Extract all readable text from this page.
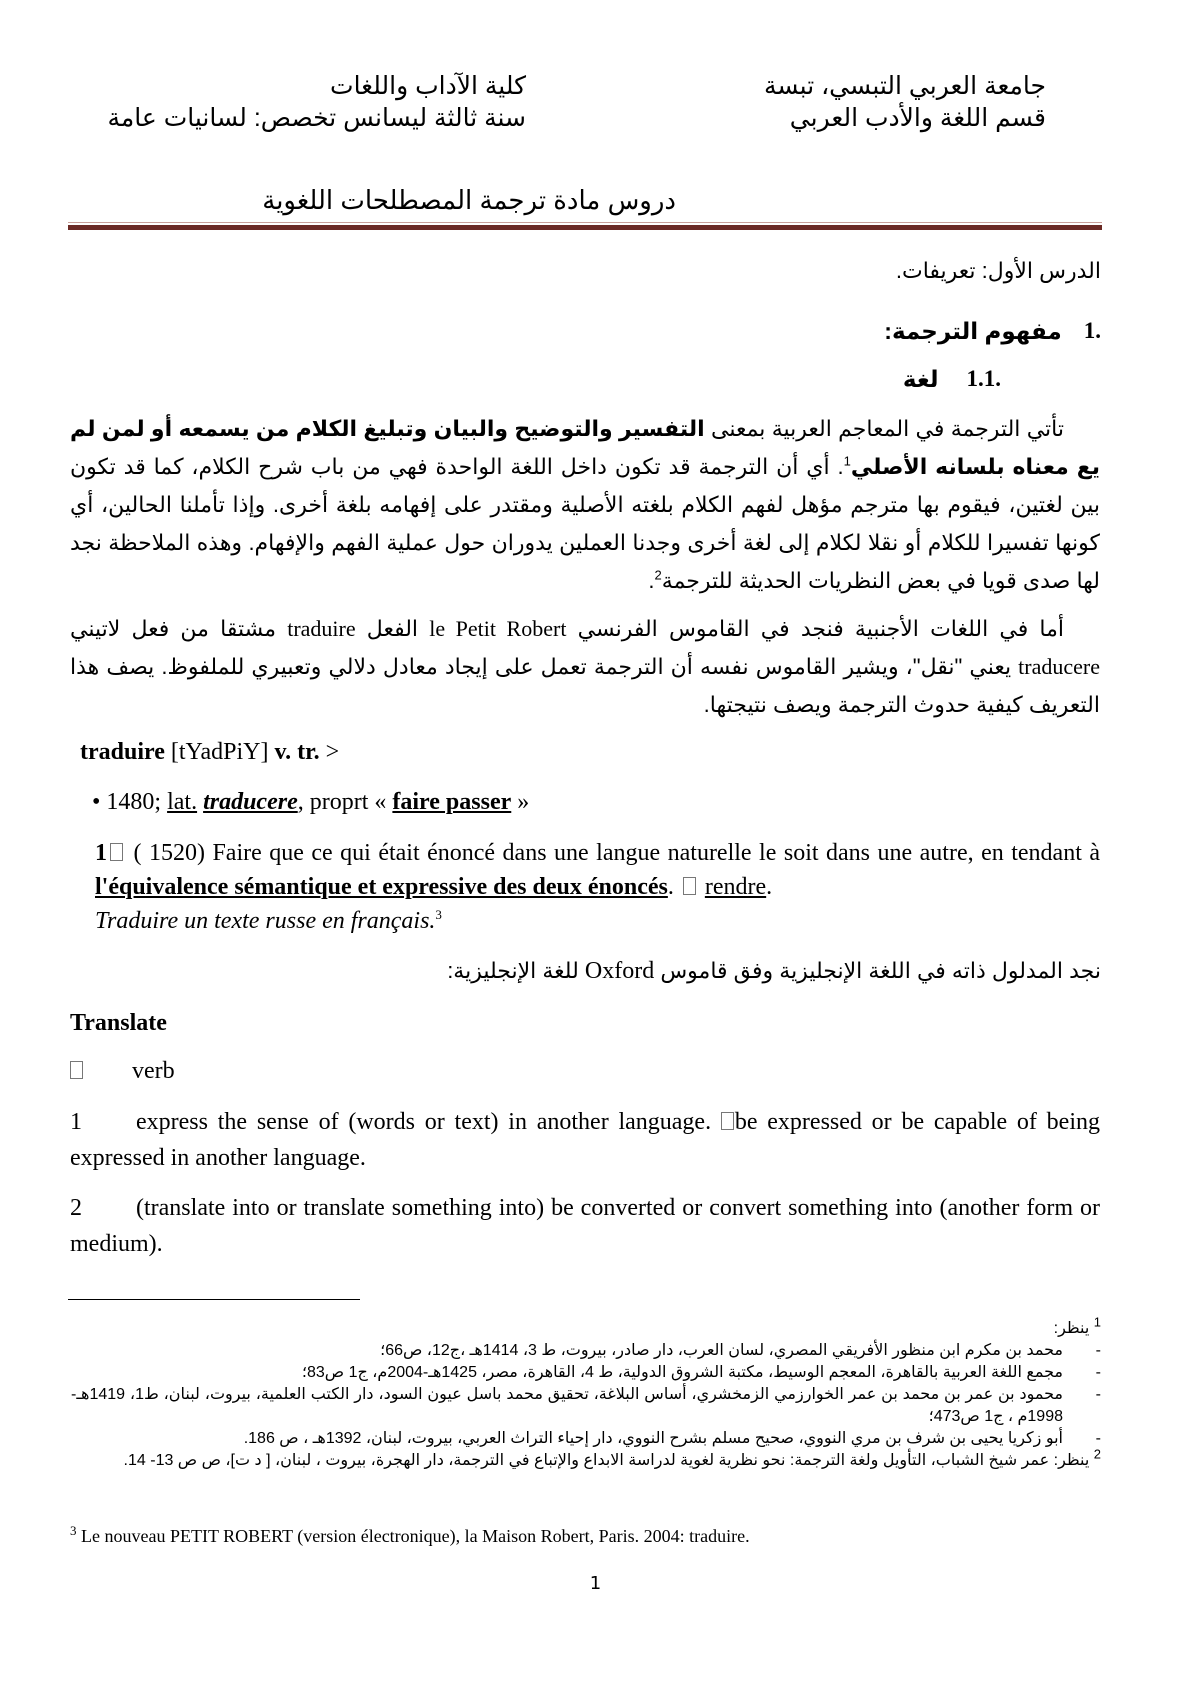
جامعة العربي التبسي، تبسة
قسم اللغة والأدب العربي
كلية الآداب واللغات
سنة ثالثة ليسانس تخصص: لسانيات عامة
دروس مادة ترجمة المصطلحات اللغوية
الدرس الأول: تعريفات.
1.
مفهوم الترجمة:
1.1.
لغة
تأتي الترجمة في المعاجم العربية بمعنى التفسير والتوضيح والبيان وتبليغ الكلام من يسمعه أو لمن لم يع معناه بلسانه الأصلي$^1$. أي أن الترجمة قد تكون داخل اللغة الواحدة فهي من باب شرح الكلام، كما قد تكون بين لغتين، فيقوم بها مترجم مؤهل لفهم الكلام بلغته الأصلية ومقتدر على إفهامه بلغة أخرى. وإذا تأملنا الحالين، أي كونها تفسيرا للكلام أو نقلا لكلام إلى لغة أخرى وجدنا العملين يدوران حول عملية الفهم والإفهام. وهذه الملاحظة نجد لها صدى قويا في بعض النظريات الحديثة للترجمة$^2$.
أما في اللغات الأجنبية فنجد في القاموس الفرنسي le Petit Robert الفعل traduire مشتقا من فعل لاتيني traducere يعني "نقل"، ويشير القاموس نفسه أن الترجمة تعمل على إيجاد معادل دلالي وتعبيري للملفوظ. يصف هذا التعريف كيفية حدوث الترجمة ويصف نتيجتها.
traduire [tYadPiY] v. tr. >
• 1480; lat. traducere, proprt « faire passer »
1 ( 1520) Faire que ce qui était énoncé dans une langue naturelle le soit dans une autre, en tendant à l'équivalence sémantique et expressive des deux énoncés.  rendre.
Traduire un texte russe en français.$^3$
نجد المدلول ذاته في اللغة الإنجليزية وفق قاموس Oxford للغة الإنجليزية:
Translate
verb
1 express the sense of (words or text) in another language. be expressed or be capable of being expressed in another language.
2 (translate into or translate something into) be converted or convert something into (another form or medium).
$^1$ ينظر:
-
محمد بن مكرم ابن منظور الأفريقي المصري، لسان العرب، دار صادر، بيروت، ط 3، 1414هـ ،ج12، ص66؛
-
مجمع اللغة العربية بالقاهرة، المعجم الوسيط، مكتبة الشروق الدولية، ط 4، القاهرة، مصر، 1425هـ-2004م، ج1 ص83؛
-
محمود بن عمر بن محمد بن عمر الخوارزمي الزمخشري، أساس البلاغة، تحقيق محمد باسل عيون السود، دار الكتب العلمية، بيروت، لبنان، ط1، 1419هـ- 1998م ، ج1 ص473؛
-
أبو زكريا يحيى بن شرف بن مري النووي، صحيح مسلم بشرح النووي، دار إحياء التراث العربي، بيروت، لبنان، 1392هـ ، ص 186.
$^2$ ينظر: عمر شيخ الشباب، التأويل ولغة الترجمة: نحو نظرية لغوية لدراسة الابداع والإتباع في الترجمة، دار الهجرة، بيروت ، لبنان، [ د ت]، ص ص 13- 14.
$^3$ Le nouveau PETIT ROBERT (version électronique), la Maison Robert, Paris. 2004: traduire.
1
